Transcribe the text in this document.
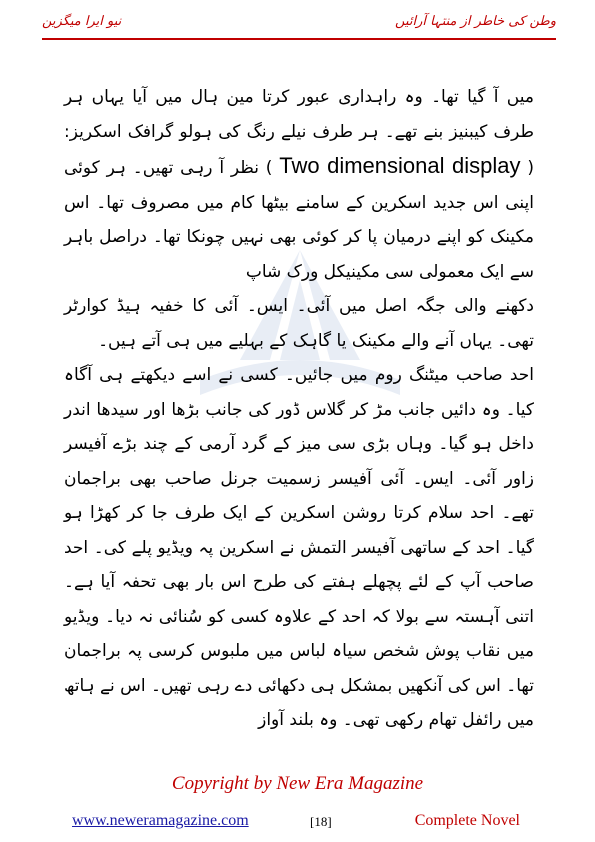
نیو ایرا میگزین	وطن کی خاطر از منتہا آرائیں

میں آ گیا تھا۔ وہ راہداری عبور کرتا مین ہال میں آیا یہاں ہر طرف کیبنیز بنے تھے۔ ہر طرف نیلے رنگ کی ہولو گرافک اسکریز: ( Two dimensional display ) نظر آ رہی تھیں۔ ہر کوئی اپنی اس جدید اسکرین کے سامنے بیٹھا کام میں مصروف تھا۔ اس مکینک کو اپنے درمیان پا کر کوئی بھی نہیں چونکا تھا۔ دراصل باہر سے ایک معمولی سی مکینیکل ورک شاپ

دکھنے والی جگہ اصل میں آئی۔ ایس۔ آئی کا خفیہ ہیڈ کوارٹر تھی۔ یہاں آنے والے مکینک یا گاہک کے بہلیے میں ہی آتے ہیں۔

احد صاحب میٹنگ روم میں جائیں۔ کسی نے اسے دیکھتے ہی آگاہ کیا۔ وہ دائیں جانب مڑ کر گلاس ڈور کی جانب بڑھا اور سیدھا اندر داخل ہو گیا۔ وہاں بڑی سی میز کے گرد آرمی کے چند بڑے آفیسر زاور آئی۔ ایس۔ آئی آفیسر زسمیت جرنل صاحب بھی براجمان تھے۔ احد سلام کرتا روشن اسکرین کے ایک طرف جا کر کھڑا ہو گیا۔ احد کے ساتھی آفیسر التمش نے اسکرین پہ ویڈیو پلے کی۔ احد صاحب آپ کے لئے پچھلے ہفتے کی طرح اس بار بھی تحفہ آیا ہے۔ اتنی آہستہ سے بولا کہ احد کے علاوہ کسی کو سُنائی نہ دیا۔ ویڈیو میں نقاب پوش شخص سیاہ لباس میں ملبوس کرسی پہ براجمان تھا۔ اس کی آنکھیں بمشکل ہی دکھائی دے رہی تھیں۔ اس نے ہاتھ میں رائفل تھام رکھی تھی۔ وہ بلند آواز

Copyright by New Era Magazine
www.neweramagazine.com	[18]	Complete Novel
